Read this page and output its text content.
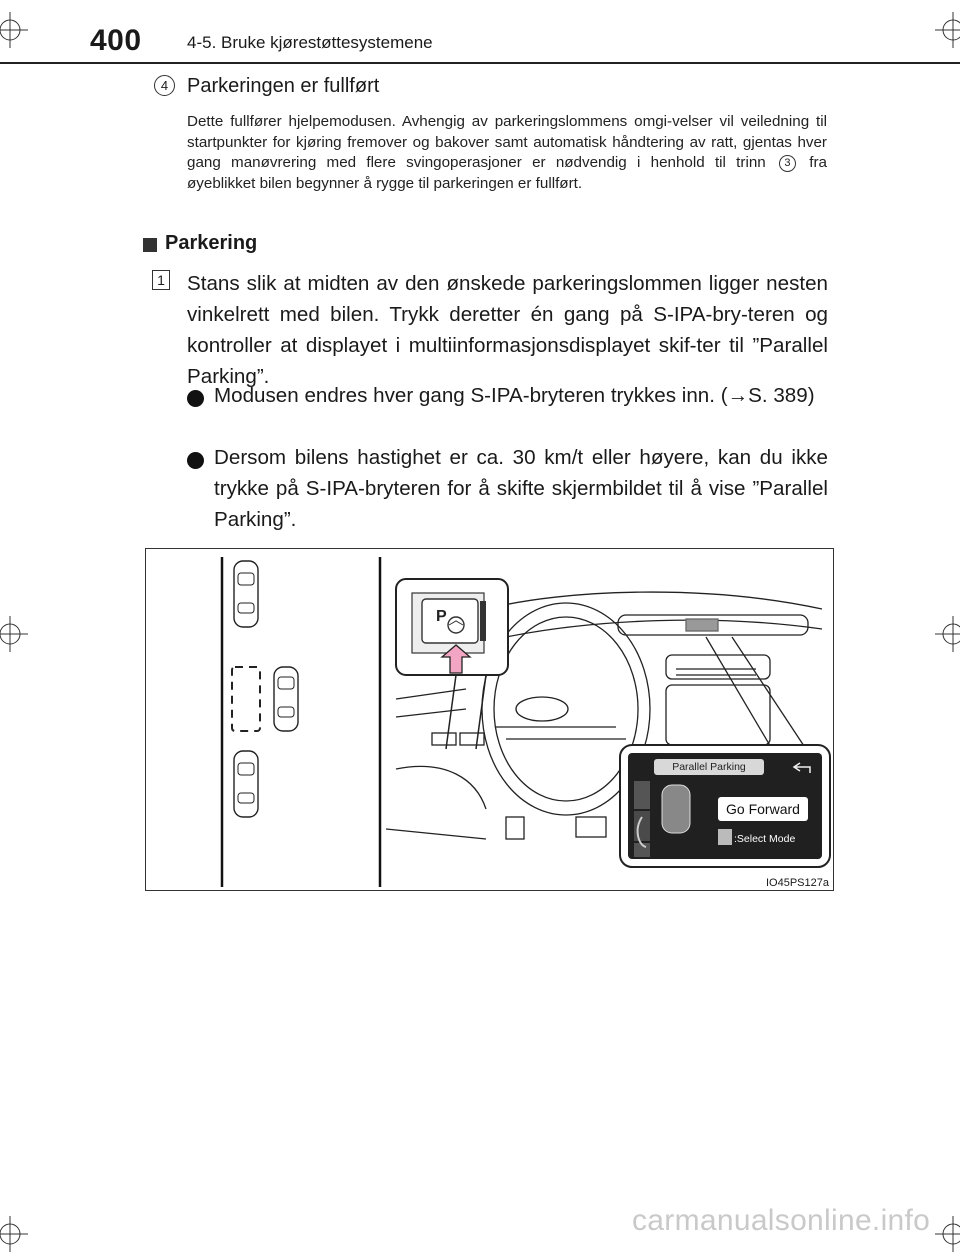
400	4-5. Bruke kjørestøttesystemene
4 Parkeringen er fullført
Dette fullfører hjelpemodusen. Avhengig av parkeringslommens omgi-velser vil veiledning til startpunkter for kjøring fremover og bakover samt automatisk håndtering av ratt, gjentas hver gang manøvrering med flere svingoperasjoner er nødvendig i henhold til trinn 3 fra øyeblikket bilen begynner å rygge til parkeringen er fullført.
Parkering
1 Stans slik at midten av den ønskede parkeringslommen ligger nesten vinkelrett med bilen. Trykk deretter én gang på S-IPA-bry-teren og kontroller at displayet i multiinformasjonsdisplayet skif-ter til ”Parallel Parking”.
Modusen endres hver gang S-IPA-bryteren trykkes inn. (→S. 389)
Dersom bilens hastighet er ca. 30 km/t eller høyere, kan du ikke trykke på S-IPA-bryteren for å skifte skjermbildet til å vise ”Parallel Parking”.
P
Parallel Parking
Go Forward
:Select Mode
IO45PS127a
carmanualsonline.info
